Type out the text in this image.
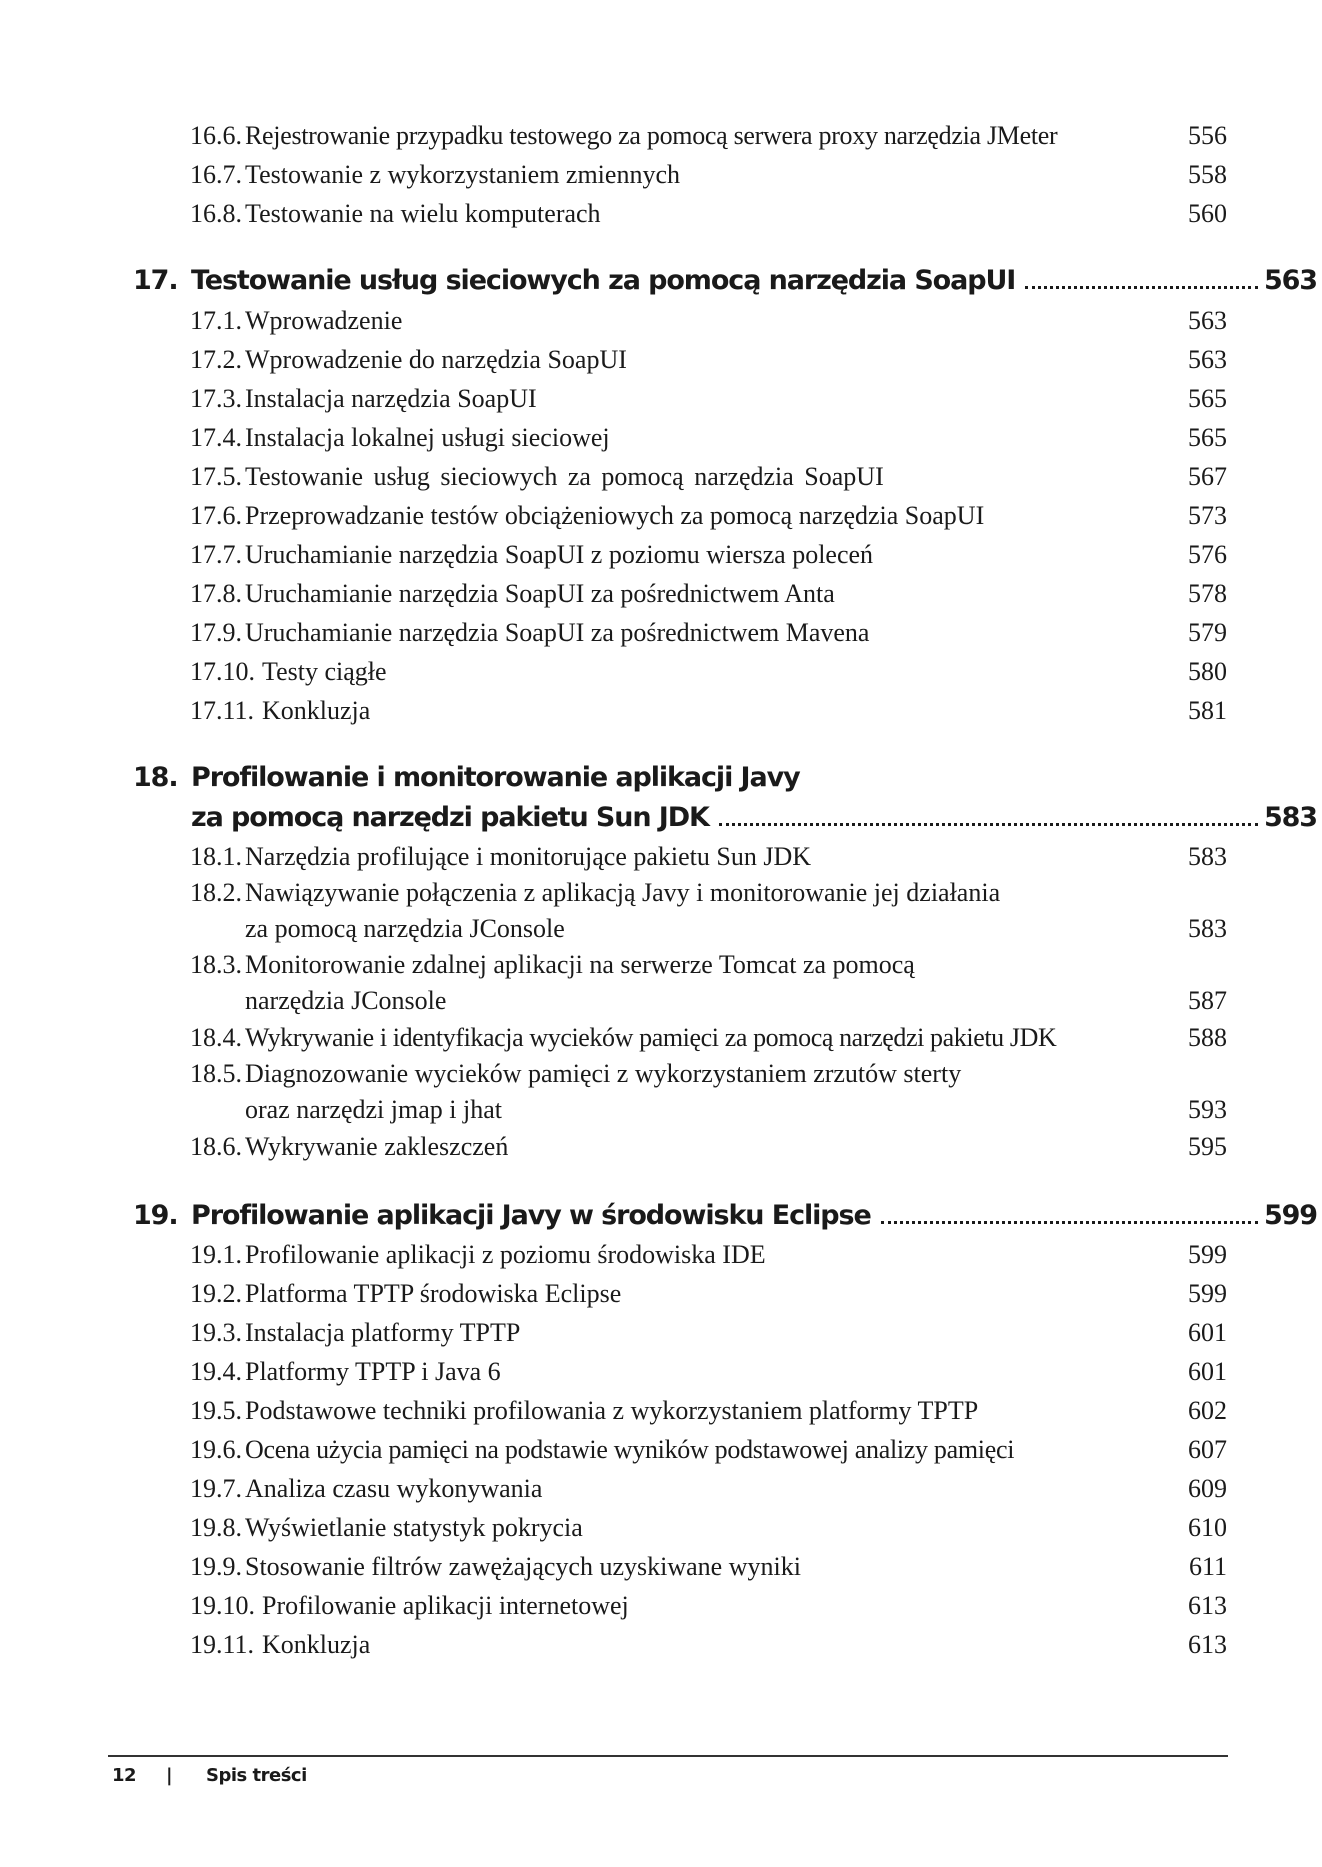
16.6. Rejestrowanie przypadku testowego za pomocą serwera proxy narzędzia JMeter	556
16.7. Testowanie z wykorzystaniem zmiennych	558
16.8. Testowanie na wielu komputerach	560
17. Testowanie usług sieciowych za pomocą narzędzia SoapUI	563
17.1. Wprowadzenie	563
17.2. Wprowadzenie do narzędzia SoapUI	563
17.3. Instalacja narzędzia SoapUI	565
17.4. Instalacja lokalnej usługi sieciowej	565
17.5. Testowanie usług sieciowych za pomocą narzędzia SoapUI	567
17.6. Przeprowadzanie testów obciążeniowych za pomocą narzędzia SoapUI	573
17.7. Uruchamianie narzędzia SoapUI z poziomu wiersza poleceń	576
17.8. Uruchamianie narzędzia SoapUI za pośrednictwem Anta	578
17.9. Uruchamianie narzędzia SoapUI za pośrednictwem Mavena	579
17.10. Testy ciągłe	580
17.11. Konkluzja	581
18. Profilowanie i monitorowanie aplikacji Javy
za pomocą narzędzi pakietu Sun JDK	583
18.1. Narzędzia profilujące i monitorujące pakietu Sun JDK	583
18.2. Nawiązywanie połączenia z aplikacją Javy i monitorowanie jej działania
za pomocą narzędzia JConsole	583
18.3. Monitorowanie zdalnej aplikacji na serwerze Tomcat za pomocą
narzędzia JConsole	587
18.4. Wykrywanie i identyfikacja wycieków pamięci za pomocą narzędzi pakietu JDK	588
18.5. Diagnozowanie wycieków pamięci z wykorzystaniem zrzutów sterty
oraz narzędzi jmap i jhat	593
18.6. Wykrywanie zakleszczeń	595
19. Profilowanie aplikacji Javy w środowisku Eclipse	599
19.1. Profilowanie aplikacji z poziomu środowiska IDE	599
19.2. Platforma TPTP środowiska Eclipse	599
19.3. Instalacja platformy TPTP	601
19.4. Platformy TPTP i Java 6	601
19.5. Podstawowe techniki profilowania z wykorzystaniem platformy TPTP	602
19.6. Ocena użycia pamięci na podstawie wyników podstawowej analizy pamięci	607
19.7. Analiza czasu wykonywania	609
19.8. Wyświetlanie statystyk pokrycia	610
19.9. Stosowanie filtrów zawężających uzyskiwane wyniki	611
19.10. Profilowanie aplikacji internetowej	613
19.11. Konkluzja	613
12 | Spis treści
